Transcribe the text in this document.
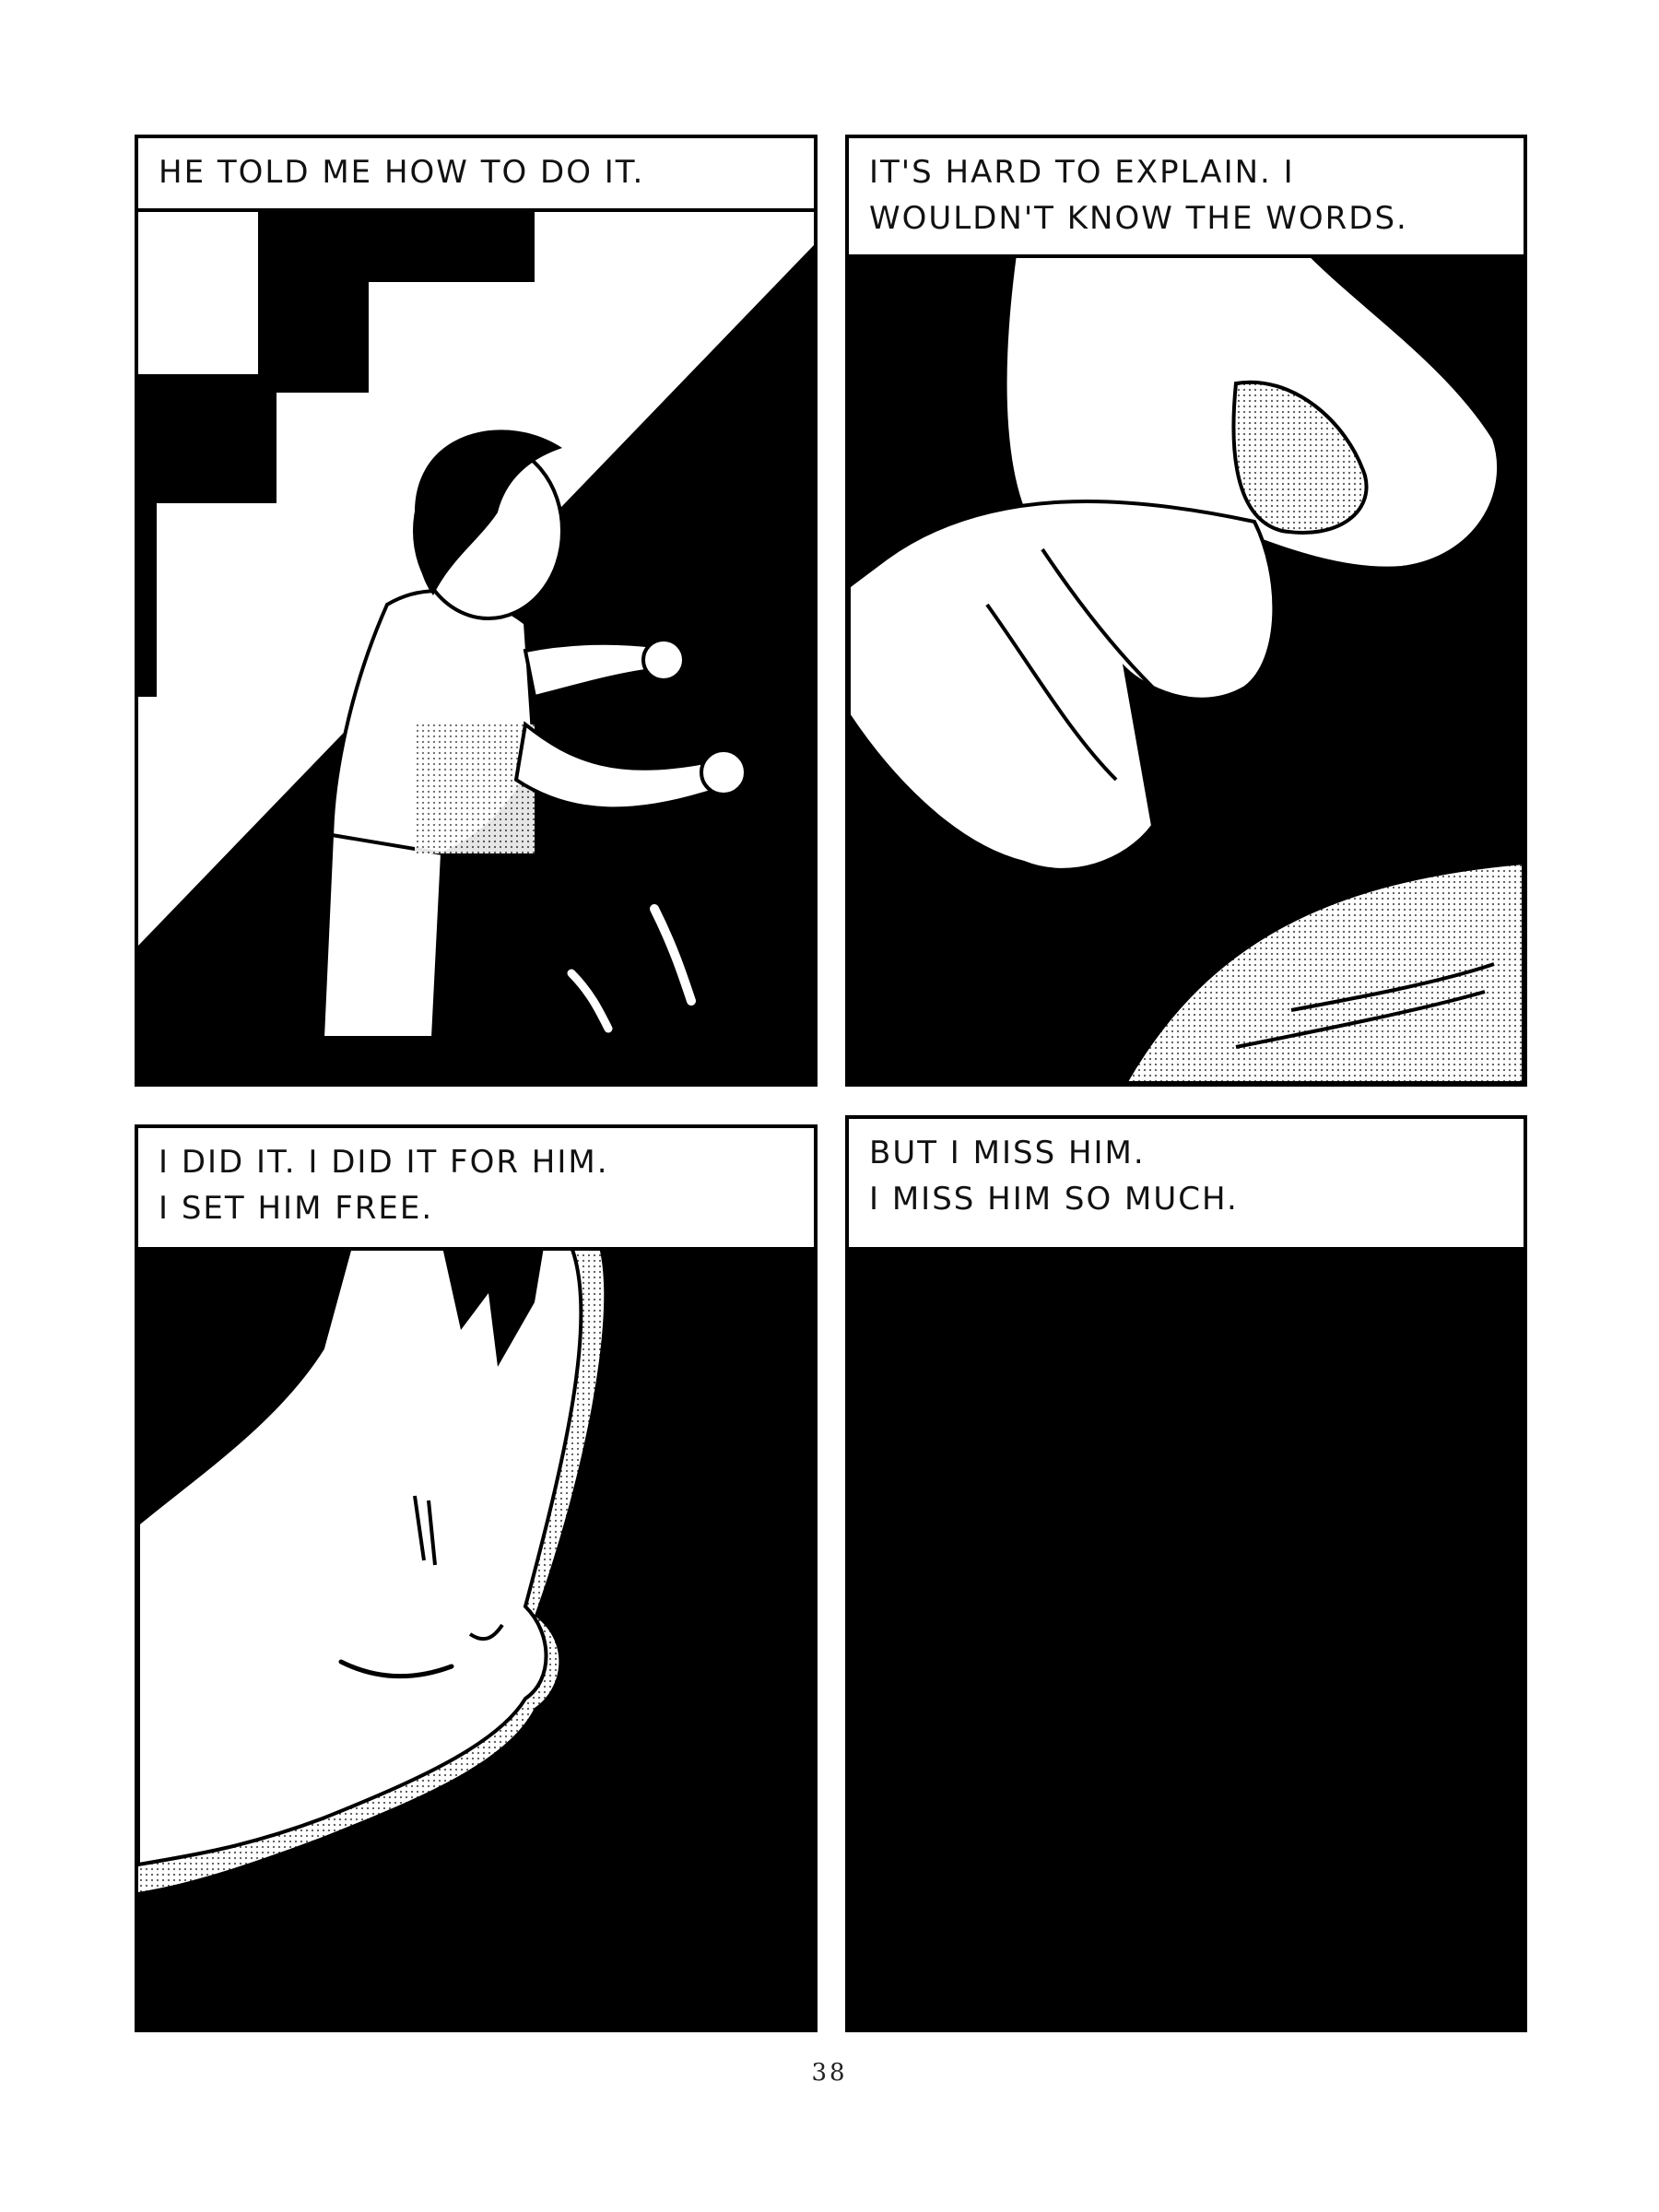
HE TOLD ME HOW TO DO IT.	IT'S HARD TO EXPLAIN. I
WOULDN'T KNOW THE WORDS.
I DID IT. I DID IT FOR HIM.
I SET HIM FREE.
BUT I MISS HIM.
I MISS HIM SO MUCH.
38
